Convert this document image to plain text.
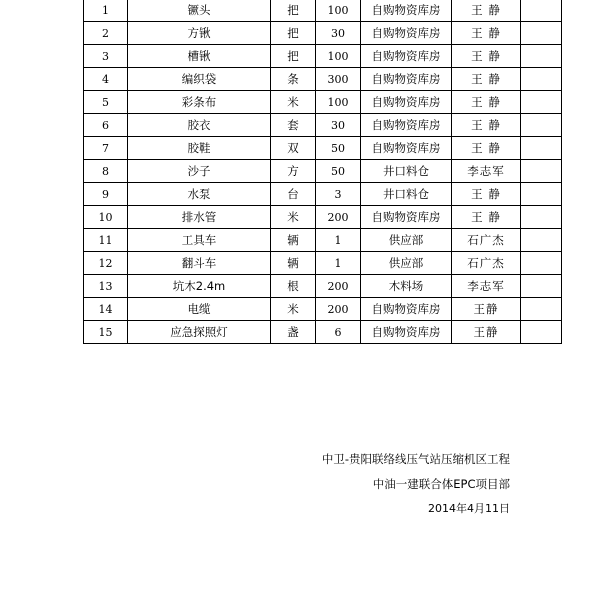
1	镢头	把	100	自购物资库房	王 静	
2	方锹	把	30	自购物资库房	王 静	
3	槽锹	把	100	自购物资库房	王 静	
4	编织袋	条	300	自购物资库房	王 静	
5	彩条布	米	100	自购物资库房	王 静	
6	胶衣	套	30	自购物资库房	王 静	
7	胶鞋	双	50	自购物资库房	王 静	
8	沙子	方	50	井口料仓	李志军	
9	水泵	台	3	井口料仓	王 静	
10	排水管	米	200	自购物资库房	王 静	
11	工具车	辆	1	供应部	石广杰	
12	翻斗车	辆	1	供应部	石广杰	
13	坑木2.4m	根	200	木料场	李志军	
14	电缆	米	200	自购物资库房	王静	
15	应急探照灯	盏	6	自购物资库房	王静	
中卫-贵阳联络线压气站压缩机区工程
中油一建联合体EPC项目部
2014年4月11日
